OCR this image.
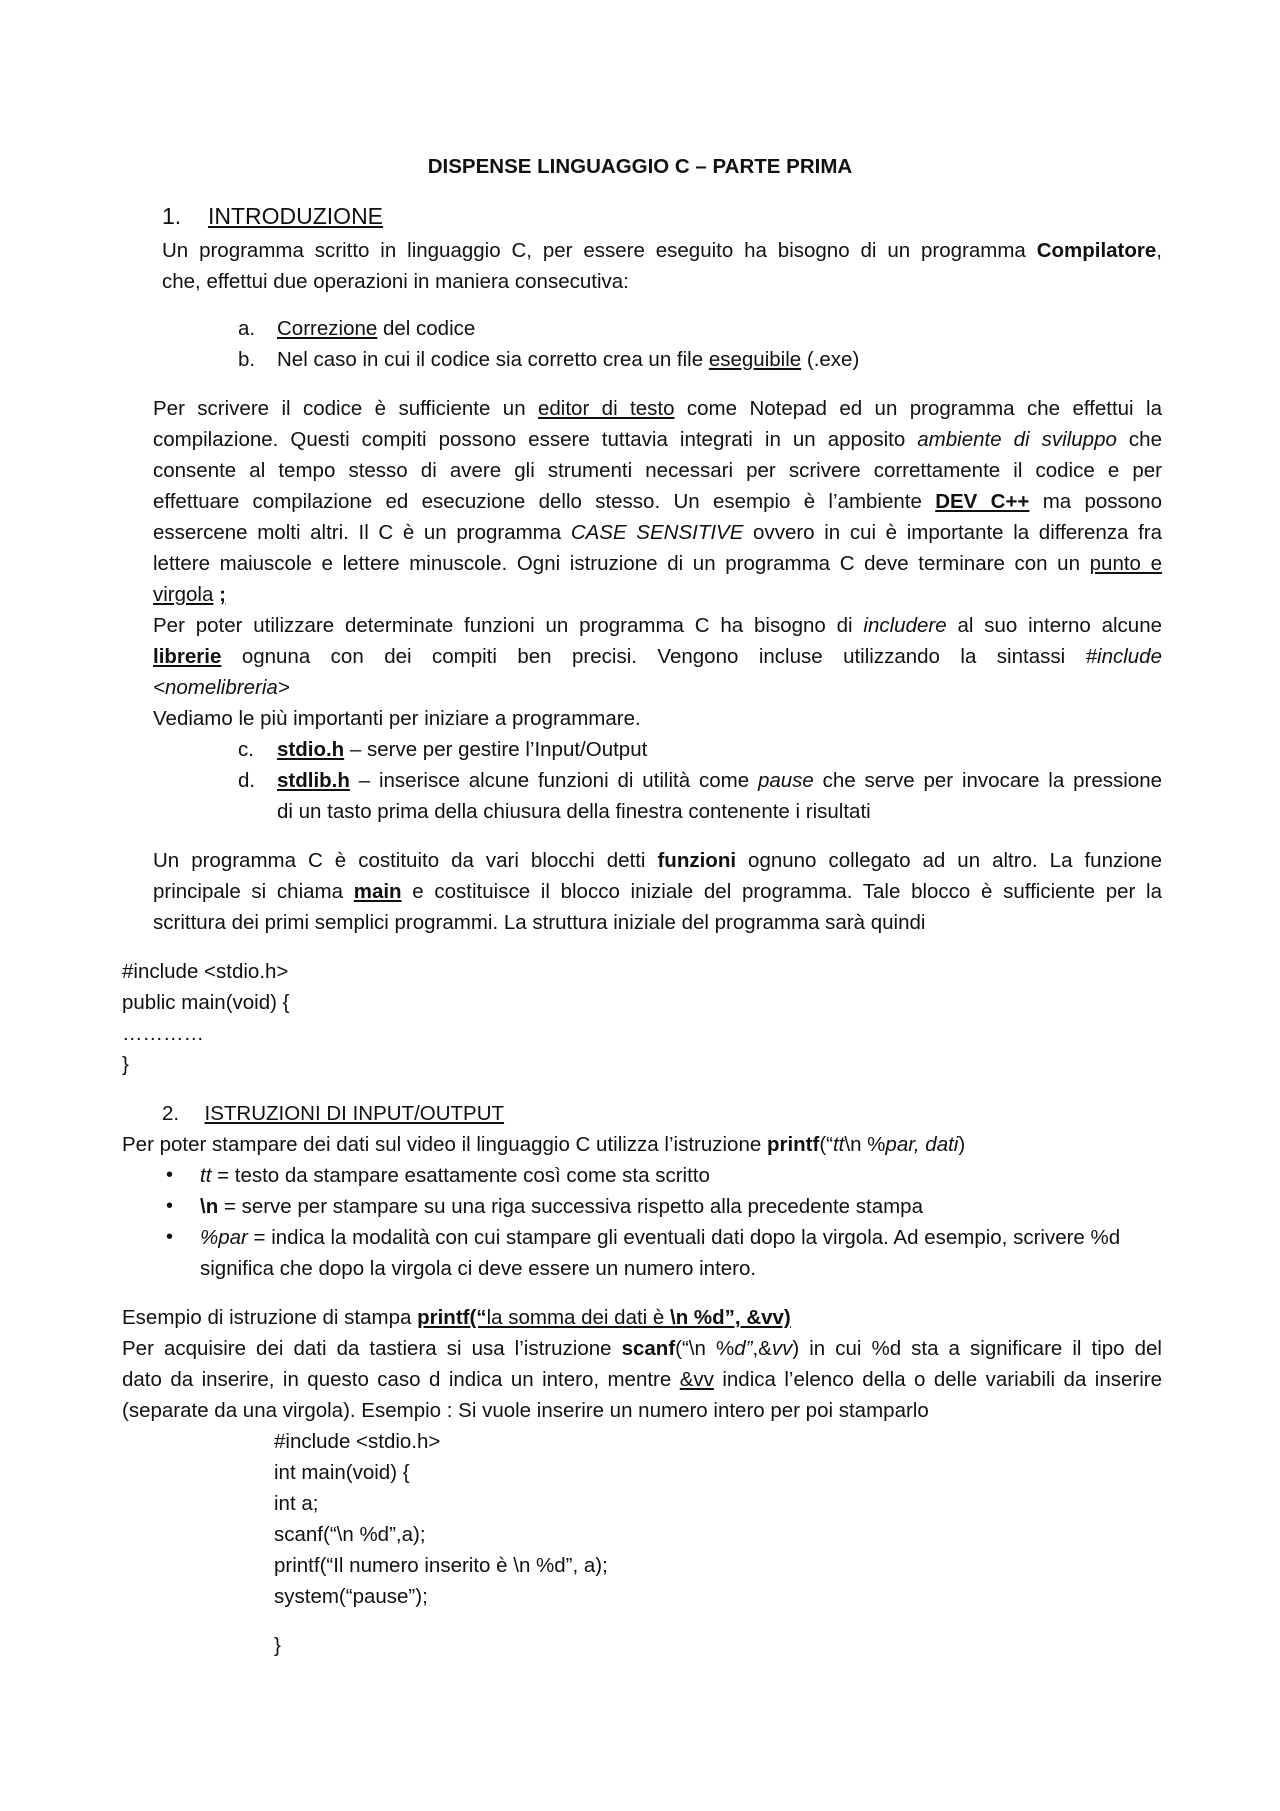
DISPENSE LINGUAGGIO C – PARTE PRIMA
1. INTRODUZIONE
Un programma scritto in linguaggio C, per essere eseguito ha bisogno di un programma Compilatore,
che, effettui due operazioni in maniera consecutiva:
a. Correzione del codice
b. Nel caso in cui il codice sia corretto crea un file eseguibile (.exe)
Per scrivere il codice è sufficiente un editor di testo come Notepad ed un programma che effettui la
compilazione. Questi compiti possono essere tuttavia integrati in un apposito ambiente di sviluppo che
consente al tempo stesso di avere gli strumenti necessari per scrivere correttamente il codice e per
effettuare compilazione ed esecuzione dello stesso. Un esempio è l’ambiente DEV C++ ma possono
essercene molti altri. Il C è un programma CASE SENSITIVE ovvero in cui è importante la differenza fra
lettere maiuscole e lettere minuscole. Ogni istruzione di un programma C deve terminare con un punto e
virgola ;
Per poter utilizzare determinate funzioni un programma C ha bisogno di includere al suo interno alcune
librerie ognuna con dei compiti ben precisi. Vengono incluse utilizzando la sintassi #include
<nomelibreria>
Vediamo le più importanti per iniziare a programmare.
c. stdio.h – serve per gestire l’Input/Output
d. stdlib.h – inserisce alcune funzioni di utilità come pause che serve per invocare la pressione
di un tasto prima della chiusura della finestra contenente i risultati
Un programma C è costituito da vari blocchi detti funzioni ognuno collegato ad un altro. La funzione
principale si chiama main e costituisce il blocco iniziale del programma. Tale blocco è sufficiente per la
scrittura dei primi semplici programmi. La struttura iniziale del programma sarà quindi
#include <stdio.h>
public main(void) {
…………
}
2. ISTRUZIONI DI INPUT/OUTPUT
Per poter stampare dei dati sul video il linguaggio C utilizza l’istruzione printf(“tt\n %par, dati)
• tt = testo da stampare esattamente così come sta scritto
• \n = serve per stampare su una riga successiva rispetto alla precedente stampa
• %par = indica la modalità con cui stampare gli eventuali dati dopo la virgola. Ad esempio, scrivere %d
significa che dopo la virgola ci deve essere un numero intero.
Esempio di istruzione di stampa printf(“la somma dei dati è \n %d”, &vv)
Per acquisire dei dati da tastiera si usa l’istruzione scanf(“\n %d”,&vv) in cui %d sta a significare il tipo del
dato da inserire, in questo caso d indica un intero, mentre &vv indica l’elenco della o delle variabili da inserire
(separate da una virgola). Esempio : Si vuole inserire un numero intero per poi stamparlo
#include <stdio.h>
int main(void) {
int a;
scanf(“\n %d”,a);
printf(“Il numero inserito è \n %d”, a);
system(“pause”);
}
